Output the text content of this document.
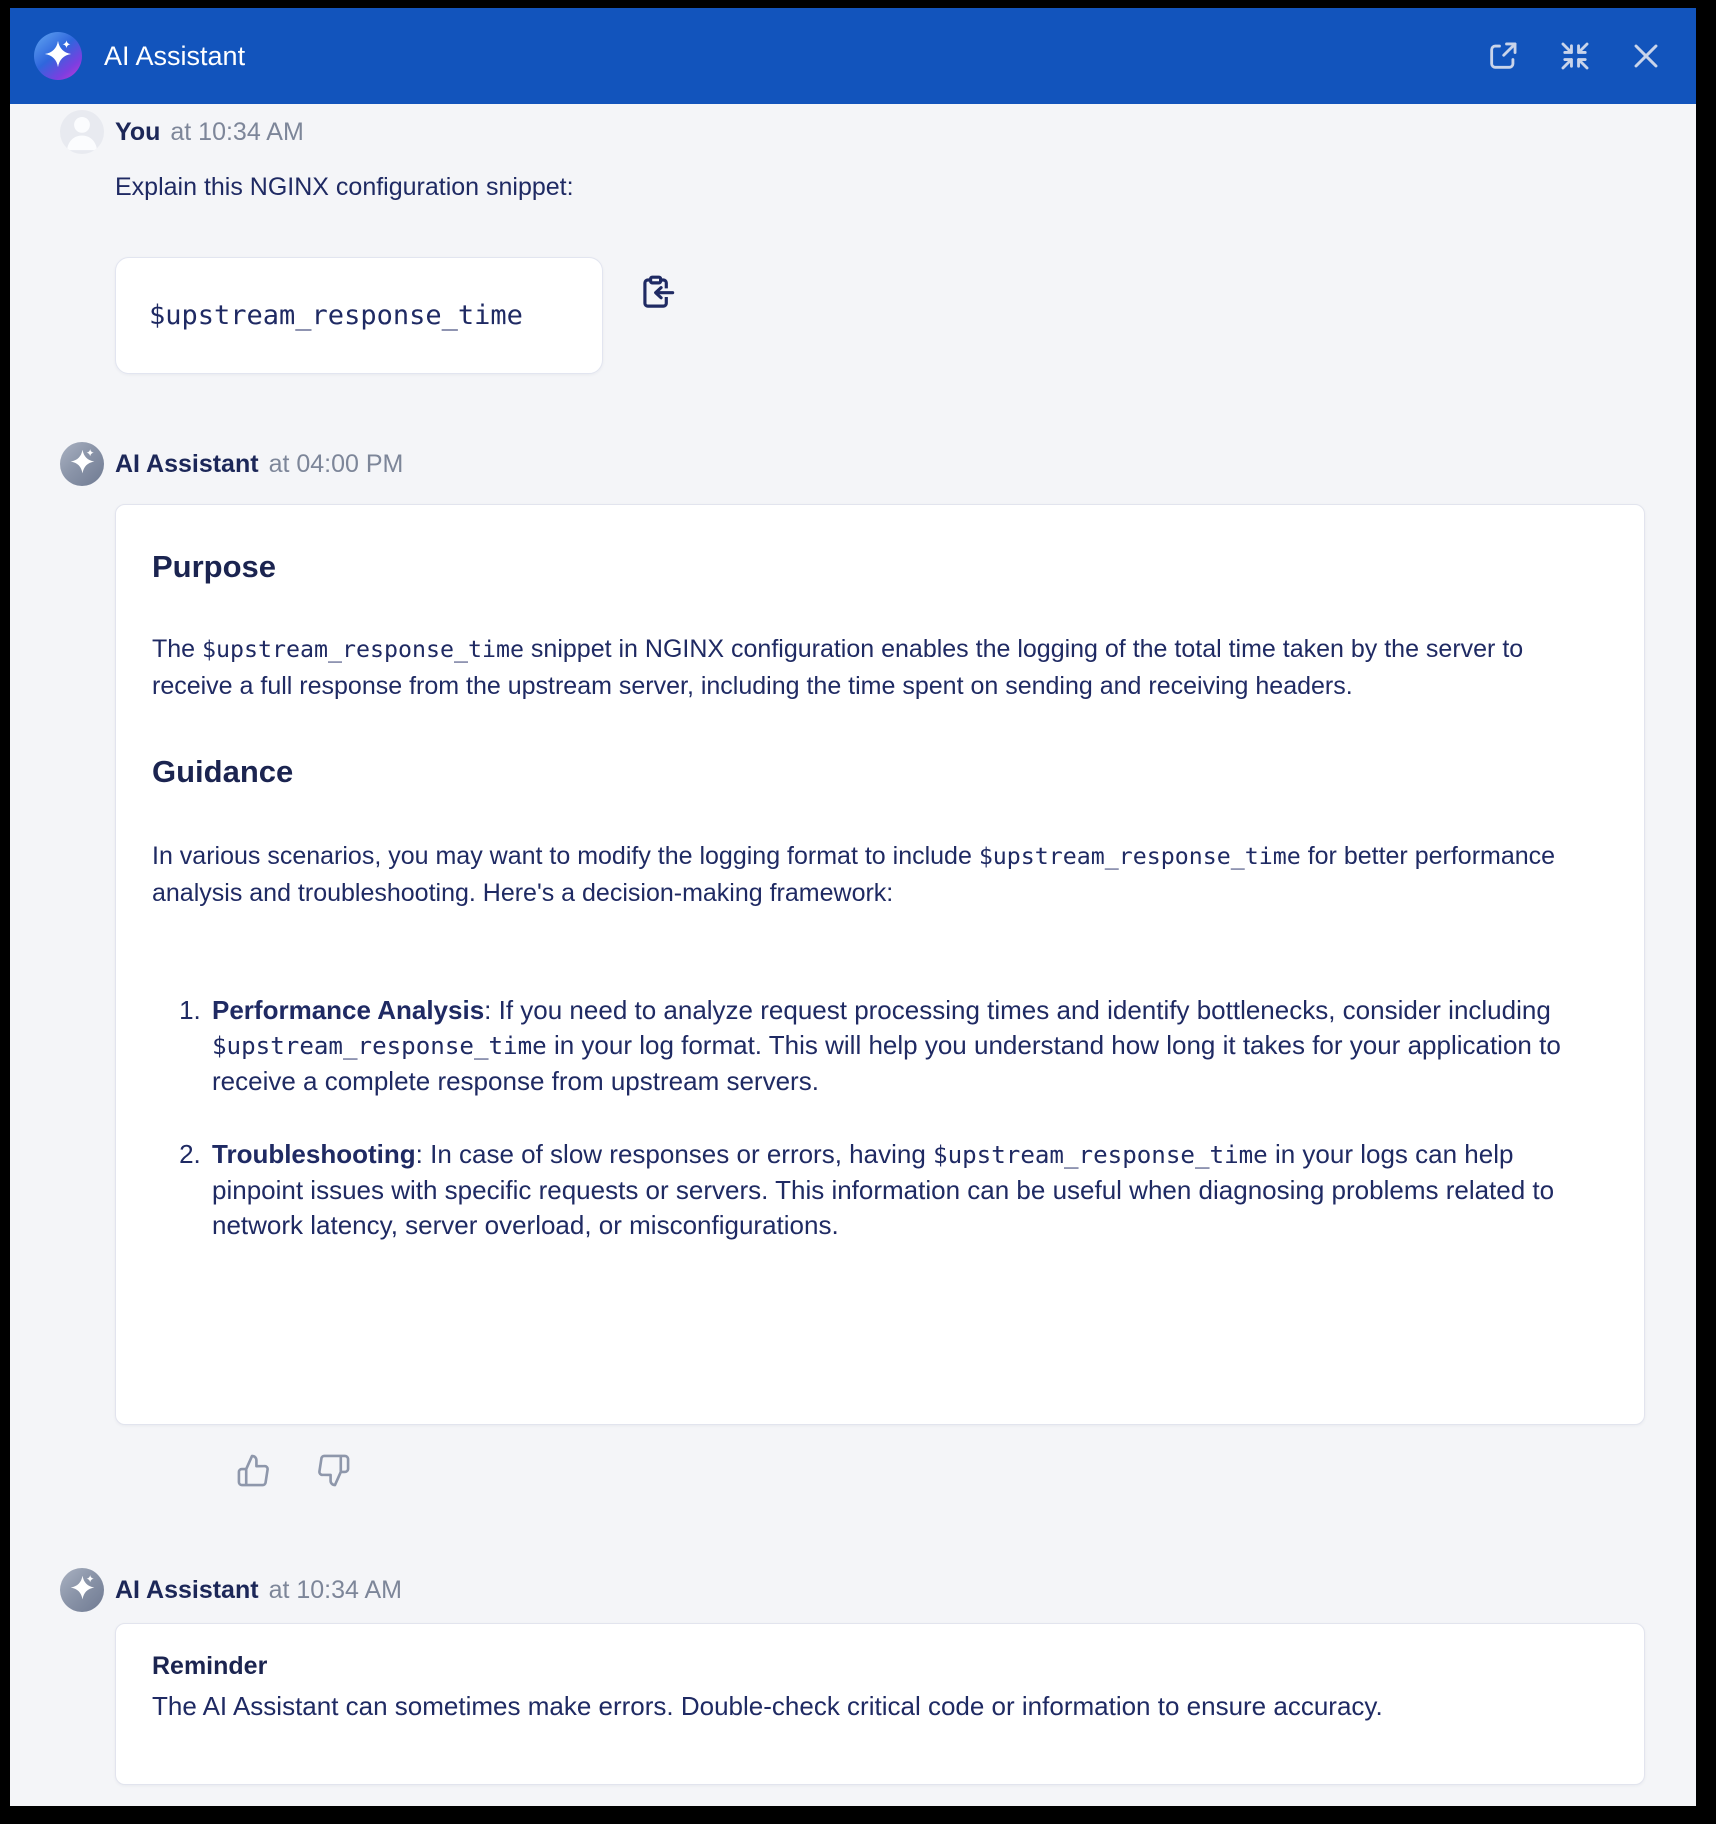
AI Assistant
You at 10:34 AM
Explain this NGINX configuration snippet:
$upstream_response_time
AI Assistant at 04:00 PM
Purpose

The $upstream_response_time snippet in NGINX configuration enables the logging of the total time taken by the server to receive a full response from the upstream server, including the time spent on sending and receiving headers.

Guidance

In various scenarios, you may want to modify the logging format to include $upstream_response_time for better performance analysis and troubleshooting. Here's a decision-making framework:

1. Performance Analysis: If you need to analyze request processing times and identify bottlenecks, consider including $upstream_response_time in your log format. This will help you understand how long it takes for your application to receive a complete response from upstream servers.
2. Troubleshooting: In case of slow responses or errors, having $upstream_response_time in your logs can help pinpoint issues with specific requests or servers. This information can be useful when diagnosing problems related to network latency, server overload, or misconfigurations.
AI Assistant at 10:34 AM
Reminder
The AI Assistant can sometimes make errors. Double-check critical code or information to ensure accuracy.
